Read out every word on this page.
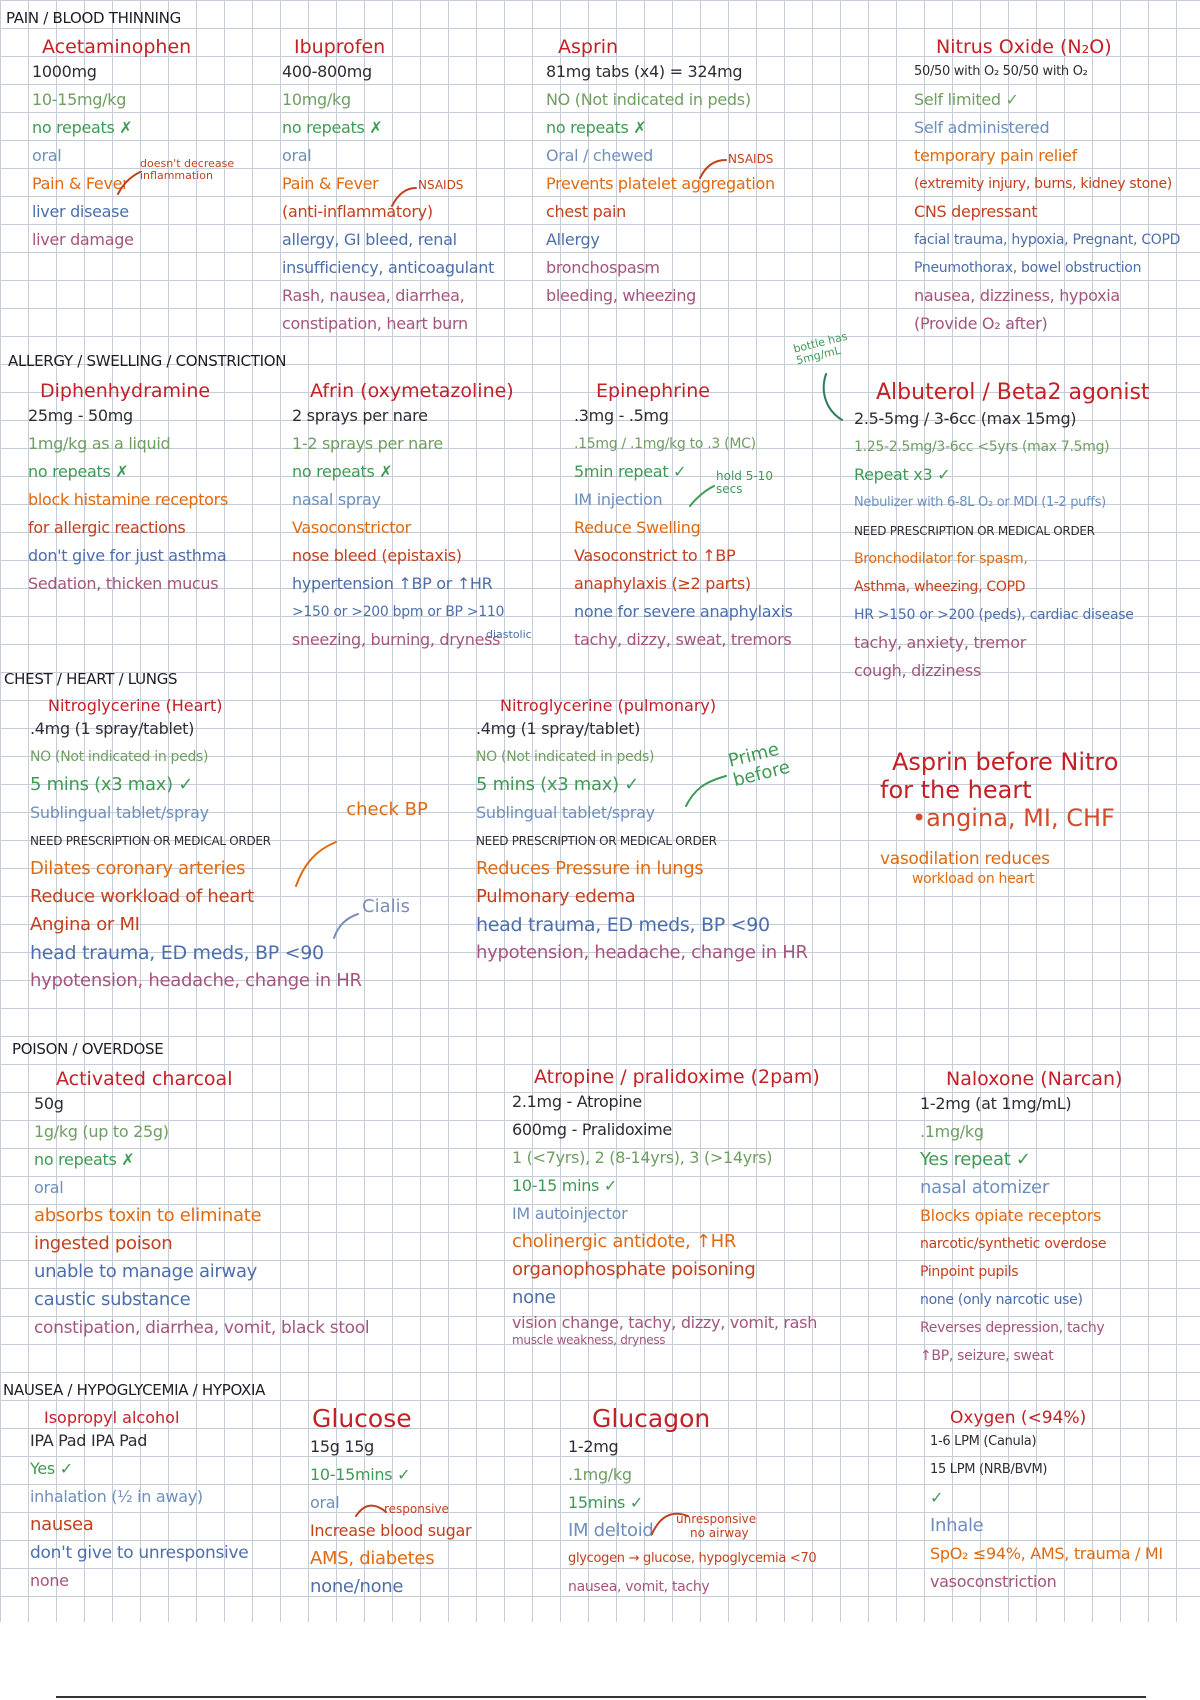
PAIN / BLOOD THINNING
ALLERGY / SWELLING / CONSTRICTION
CHEST / HEART / LUNGS
POISON / OVERDOSE
NAUSEA / HYPOGLYCEMIA / HYPOXIA
Acetaminophen
1000mg
10-15mg/kg
no repeats ✗
oral
Pain & Fever
liver disease
liver damage
doesn't decrease inflammation
Ibuprofen
400-800mg
10mg/kg
no repeats ✗
oral
Pain & Fever
(anti-inflammatory)
allergy, GI bleed, renal
insufficiency, anticoagulant
Rash, nausea, diarrhea,
constipation, heart burn
NSAIDS
Asprin
81mg tabs (x4) = 324mg
NO (Not indicated in peds)
no repeats ✗
Oral / chewed
Prevents platelet aggregation
chest pain
Allergy
bronchospasm
bleeding, wheezing
NSAIDS
Nitrus Oxide (N₂O)
50/50 with O₂ 50/50 with O₂
Self limited ✓
Self administered
temporary pain relief
(extremity injury, burns, kidney stone)
CNS depressant
facial trauma, hypoxia, Pregnant, COPD
Pneumothorax, bowel obstruction
nausea, dizziness, hypoxia
(Provide O₂ after)
Diphenhydramine
25mg - 50mg
1mg/kg as a liquid
no repeats ✗
block histamine receptors
for allergic reactions
don't give for just asthma
Sedation, thicken mucus
Afrin (oxymetazoline)
2 sprays per nare
1-2 sprays per nare
no repeats ✗
nasal spray
Vasoconstrictor
nose bleed (epistaxis)
hypertension ↑BP or ↑HR
>150 or >200 bpm or BP >110
sneezing, burning, dryness
diastolic
Epinephrine
.3mg - .5mg
.15mg / .1mg/kg to .3 (MC)
5min repeat ✓
IM injection
Reduce Swelling
Vasoconstrict to ↑BP
anaphylaxis (≥2 parts)
none for severe anaphylaxis
tachy, dizzy, sweat, tremors
hold 5-10 secs
bottle has 5mg/mL
Albuterol / Beta2 agonist
2.5-5mg / 3-6cc (max 15mg)
1.25-2.5mg/3-6cc <5yrs (max 7.5mg)
Repeat x3 ✓
Nebulizer with 6-8L O₂ or MDI (1-2 puffs)
NEED PRESCRIPTION OR MEDICAL ORDER
Bronchodilator for spasm,
Asthma, wheezing, COPD
HR >150 or >200 (peds), cardiac disease
tachy, anxiety, tremor
cough, dizziness
Nitroglycerine (Heart)
.4mg (1 spray/tablet)
NO (Not indicated in peds)
5 mins (x3 max) ✓
Sublingual tablet/spray
NEED PRESCRIPTION OR MEDICAL ORDER
Dilates coronary arteries
Reduce workload of heart
Angina or MI
head trauma, ED meds, BP <90
hypotension, headache, change in HR
check BP
Cialis
Nitroglycerine (pulmonary)
.4mg (1 spray/tablet)
NO (Not indicated in peds)
5 mins (x3 max) ✓
Sublingual tablet/spray
NEED PRESCRIPTION OR MEDICAL ORDER
Reduces Pressure in lungs
Pulmonary edema
head trauma, ED meds, BP <90
hypotension, headache, change in HR
Prime before	Asprin before Nitro
for the heart
•angina, MI, CHF
vasodilation reduces
workload on heart
Activated charcoal
50g
1g/kg (up to 25g)
no repeats ✗
oral
absorbs toxin to eliminate
ingested poison
unable to manage airway
caustic substance
constipation, diarrhea, vomit, black stool
Atropine / pralidoxime (2pam)
2.1mg - Atropine
600mg - Pralidoxime
1 (<7yrs), 2 (8-14yrs), 3 (>14yrs)
10-15 mins ✓
IM autoinjector
cholinergic antidote, ↑HR
organophosphate poisoning
none
vision change, tachy, dizzy, vomit, rash
muscle weakness, dryness
Naloxone (Narcan)
1-2mg (at 1mg/mL)
.1mg/kg
Yes repeat ✓
nasal atomizer
Blocks opiate receptors
narcotic/synthetic overdose
Pinpoint pupils
none (only narcotic use)
Reverses depression, tachy
↑BP, seizure, sweat
Isopropyl alcohol
IPA Pad IPA Pad
Yes ✓
inhalation (½ in away)
nausea
don't give to unresponsive
none
Glucose
15g 15g
10-15mins ✓
oral
Increase blood sugar
AMS, diabetes
none/none
responsive
Glucagon
1-2mg
.1mg/kg
15mins ✓
IM deltoid
glycogen → glucose, hypoglycemia <70
nausea, vomit, tachy
unresponsive
no airway
Oxygen (<94%)
1-6 LPM (Canula)
15 LPM (NRB/BVM)
✓
Inhale
SpO₂ ≤94%, AMS, trauma / MI
vasoconstriction
